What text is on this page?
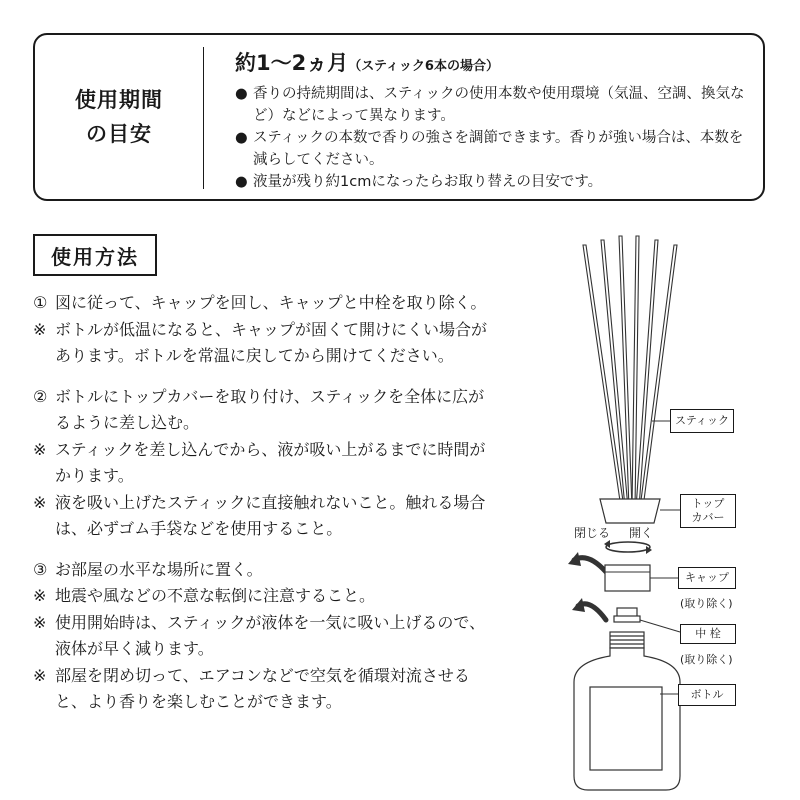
使用期間
の目安
約1〜2ヵ月（スティック6本の場合）
● 香りの持続期間は、スティックの使用本数や使用環境（気温、空調、換気など）などによって異なります。
● スティックの本数で香りの強さを調節できます。香りが強い場合は、本数を減らしてください。
● 液量が残り約1cmになったらお取り替えの目安です。
使用方法
① 図に従って、キャップを回し、キャップと中栓を取り除く。
※ ボトルが低温になると、キャップが固くて開けにくい場合があります。ボトルを常温に戻してから開けてください。
② ボトルにトップカバーを取り付け、スティックを全体に広がるように差し込む。
※ スティックを差し込んでから、液が吸い上がるまでに時間がかります。
※ 液を吸い上げたスティックに直接触れないこと。触れる場合は、必ずゴム手袋などを使用すること。
③ お部屋の水平な場所に置く。
※ 地震や風などの不意な転倒に注意すること。
※ 使用開始時は、スティックが液体を一気に吸い上げるので、液体が早く減ります。
※ 部屋を閉め切って、エアコンなどで空気を循環対流させると、より香りを楽しむことができます。
スティック
トップ
カバー
閉じる 開く
キャップ
(取り除く)
中 栓
(取り除く)
ボトル
